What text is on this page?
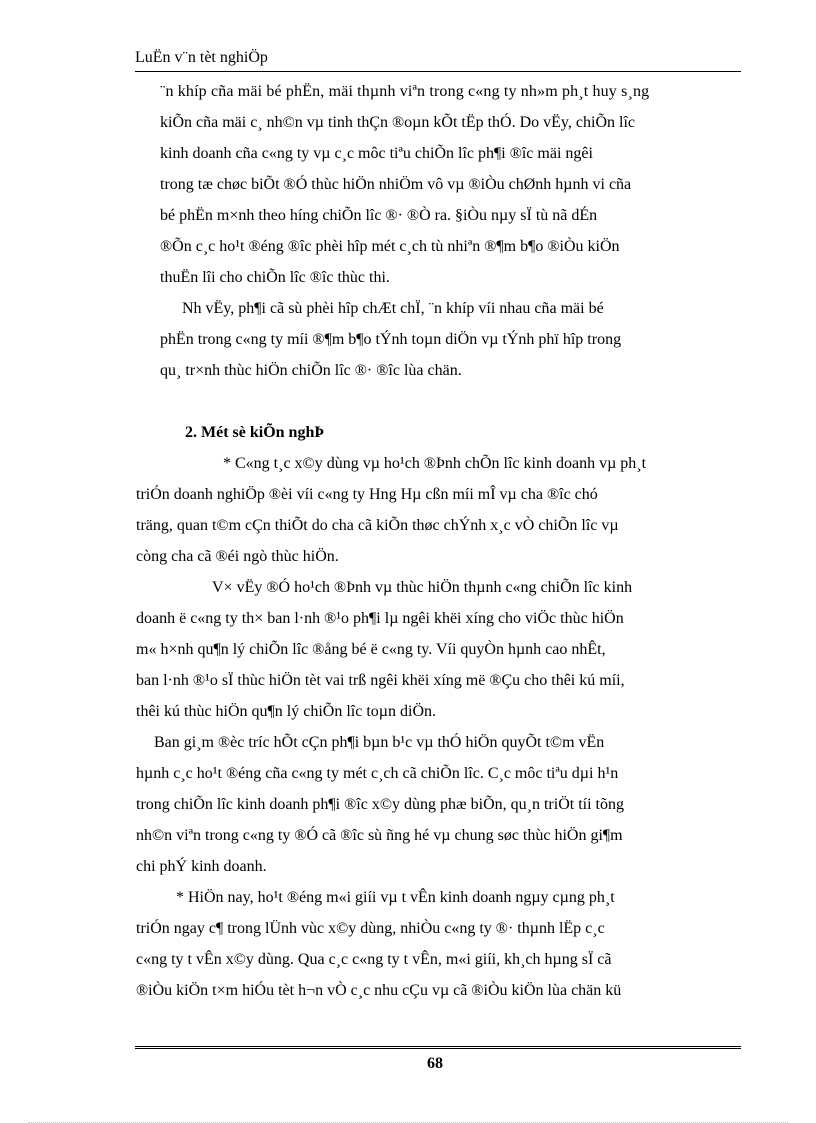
LuËn v¨n tèt nghiÖp
¨n khíp cña mäi bé phËn, mäi thµnh viªn trong c«ng ty nh»m ph¸t huy s¸ng
kiÕn cña mäi c¸ nh©n vµ tinh thÇn ®oµn kÕt tËp thÓ. Do vËy, chiÕn lîc
kinh doanh cña c«ng ty vµ c¸c môc tiªu chiÕn lîc ph¶i ®îc mäi ngêi
trong tæ chøc biÕt ®Ó thùc hiÖn nhiÖm vô vµ ®iÒu chØnh hµnh vi cña
bé phËn m×nh theo híng chiÕn lîc ®· ®Ò ra. §iÒu nµy sÏ tù nã dÉn
®Õn c¸c ho¹t ®éng ®îc phèi hîp mét c¸ch tù nhiªn ®¶m b¶o ®iÒu kiÖn
thuËn lîi cho chiÕn lîc ®îc thùc thi.
Nh vËy, ph¶i cã sù phèi hîp chÆt chÏ, ¨n khíp víi nhau cña mäi bé
phËn trong c«ng ty míi ®¶m b¶o tÝnh toµn diÖn vµ tÝnh phï hîp trong
qu¸ tr×nh thùc hiÖn chiÕn lîc ®· ®îc lùa chän.
2. Mét sè kiÕn nghÞ
* C«ng t¸c x©y dùng vµ ho¹ch ®Þnh chÕn lîc kinh doanh vµ ph¸t
triÓn doanh nghiÖp ®èi víi c«ng ty Hng Hµ cßn míi mÎ vµ cha ®îc chó
träng, quan t©m cÇn thiÕt do cha cã kiÕn thøc chÝnh x¸c vÒ chiÕn lîc vµ
còng cha cã ®éi ngò thùc hiÖn.
V× vËy ®Ó ho¹ch ®Þnh vµ thùc hiÖn thµnh c«ng chiÕn lîc kinh
doanh ë c«ng ty th× ban l·nh ®¹o ph¶i lµ ngêi khëi xíng cho viÖc thùc hiÖn
m« h×nh qu¶n lý chiÕn lîc ®ång bé ë c«ng ty. Víi quyÒn hµnh cao nhÊt,
ban l·nh ®¹o sÏ thùc hiÖn tèt vai trß ngêi khëi xíng më ®Çu cho thêi kú míi,
thêi kú thùc hiÖn qu¶n lý chiÕn lîc toµn diÖn.
Ban gi¸m ®èc tríc hÕt cÇn ph¶i bµn b¹c vµ thÓ hiÖn quyÕt t©m vËn
hµnh c¸c ho¹t ®éng cña c«ng ty mét c¸ch cã chiÕn lîc. C¸c môc tiªu dµi h¹n
trong chiÕn lîc kinh doanh ph¶i ®îc x©y dùng phæ biÕn, qu¸n triÖt tíi tõng
nh©n viªn trong c«ng ty ®Ó cã ®îc sù ñng hé vµ chung søc thùc hiÖn gi¶m
chi phÝ kinh doanh.
* HiÖn nay, ho¹t ®éng m«i giíi vµ t vÊn kinh doanh ngµy cµng ph¸t
triÓn ngay c¶ trong lÜnh vùc x©y dùng, nhiÒu c«ng ty ®· thµnh lËp c¸c
c«ng ty t vÊn x©y dùng. Qua c¸c c«ng ty t vÊn, m«i giíi, kh¸ch hµng sÏ cã
®iÒu kiÖn t×m hiÓu tèt h¬n vÒ c¸c nhu cÇu vµ cã ®iÒu kiÖn lùa chän kü
68
